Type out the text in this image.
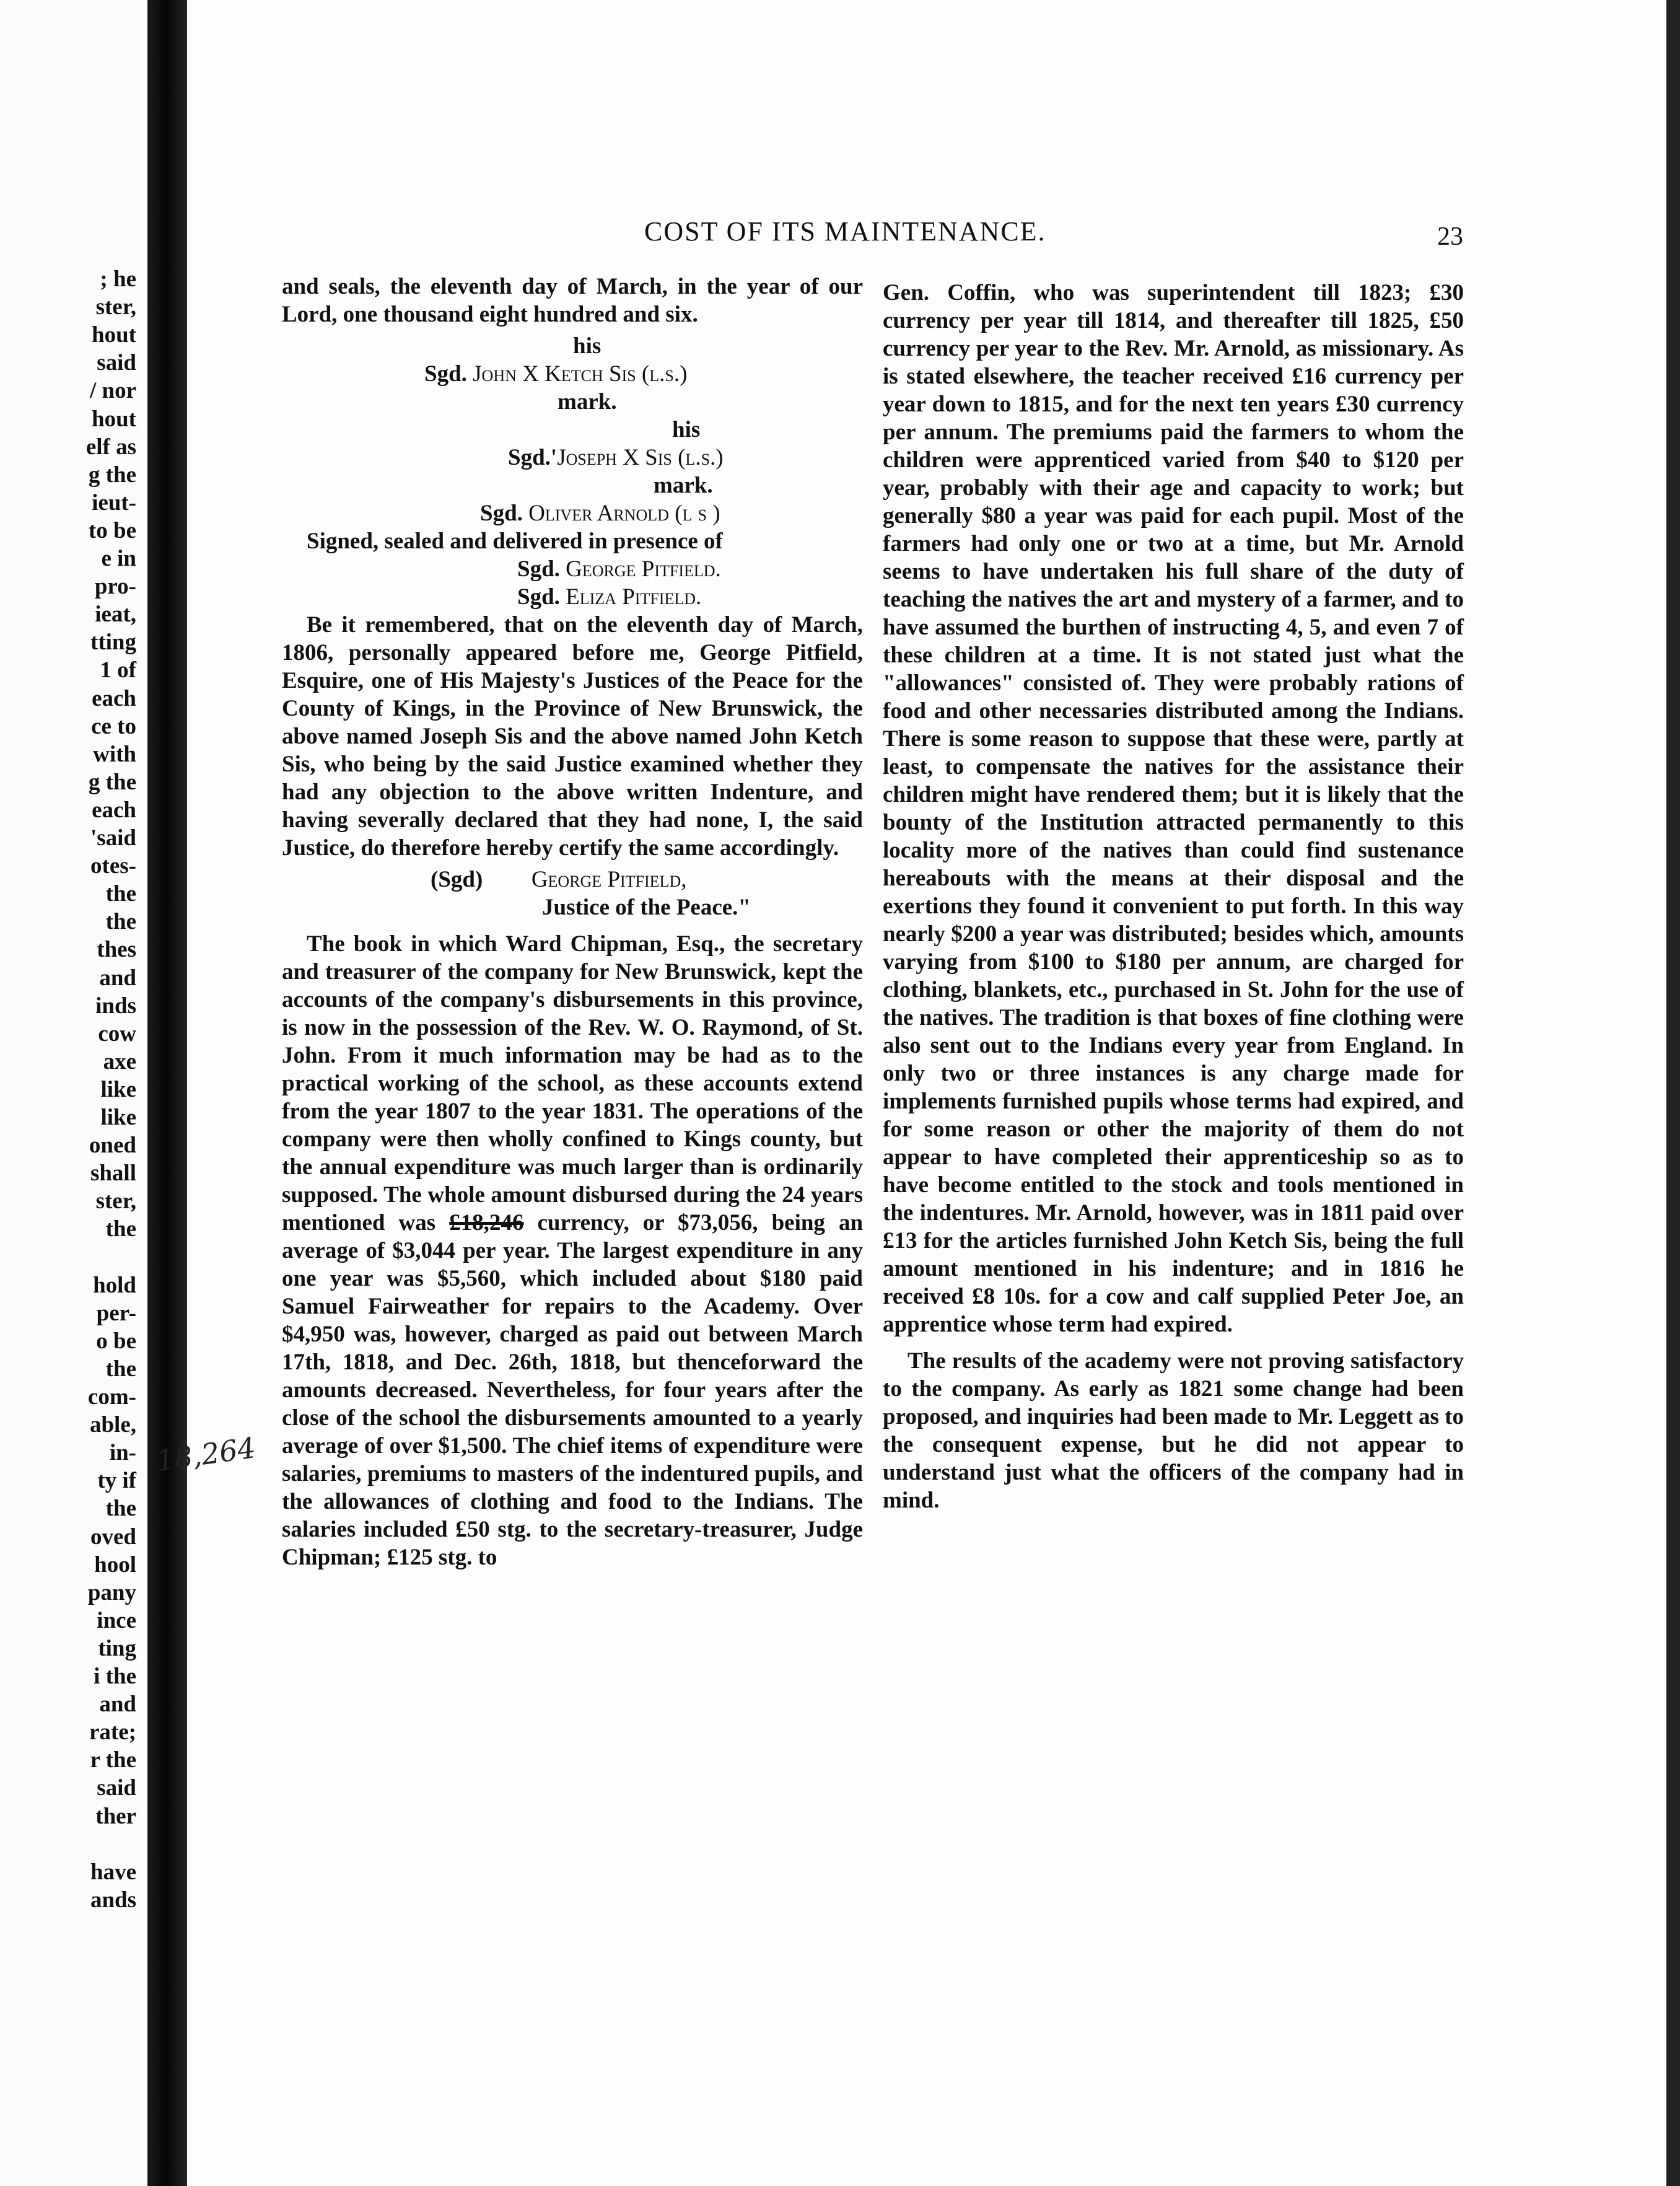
; he
ster,
hout
said
/ nor
hout
elf as
g the
ieut-
to be
e in
pro-
ieat,
tting
1 of
each
ce to
with
g the
each
'said
otes-
the
the
thes
and
inds
cow
axe
like
like
oned
shall
ster,
the
hold
per-
o be
the
com-
able,
in-
ty if
the
oved
hool
pany
ince
ting
i the
and
rate;
r the
said
ther
have
ands
COST OF ITS MAINTENANCE.	23
18,264

and seals, the eleventh day of March, in the year of our Lord, one thousand eight hundred and six.

his

Sgd. John X Ketch Sis (l.s.)

mark.

his

Sgd.'Joseph X Sis (l.s.)

mark.

Sgd. Oliver Arnold (l s )

Signed, sealed and delivered in presence of

Sgd. George Pitfield.

Sgd. Eliza Pitfield.

Be it remembered, that on the eleventh day of March, 1806, personally appeared before me, George Pitfield, Esquire, one of His Majesty's Justices of the Peace for the County of Kings, in the Province of New Brunswick, the above named Joseph Sis and the above named John Ketch Sis, who being by the said Justice examined whether they had any objection to the above written Indenture, and having severally declared that they had none, I, the said Justice, do therefore hereby certify the same accordingly.

(Sgd) George Pitfield,

Justice of the Peace."

The book in which Ward Chipman, Esq., the secretary and treasurer of the company for New Brunswick, kept the accounts of the company's disbursements in this province, is now in the possession of the Rev. W. O. Raymond, of St. John. From it much information may be had as to the practical working of the school, as these accounts extend from the year 1807 to the year 1831. The operations of the company were then wholly confined to Kings county, but the annual expenditure was much larger than is ordinarily supposed. The whole amount disbursed during the 24 years mentioned was £18,246 currency, or $73,056, being an average of $3,044 per year. The largest expenditure in any one year was $5,560, which included about $180 paid Samuel Fairweather for repairs to the Academy. Over $4,950 was, however, charged as paid out between March 17th, 1818, and Dec. 26th, 1818, but thenceforward the amounts decreased. Nevertheless, for four years after the close of the school the disbursements amounted to a yearly average of over $1,500. The chief items of expenditure were salaries, premiums to masters of the indentured pupils, and the allowances of clothing and food to the Indians. The salaries included £50 stg. to the secretary-treasurer, Judge Chipman; £125 stg. to

Gen. Coffin, who was superintendent till 1823; £30 currency per year till 1814, and thereafter till 1825, £50 currency per year to the Rev. Mr. Arnold, as missionary. As is stated elsewhere, the teacher received £16 currency per year down to 1815, and for the next ten years £30 currency per annum. The premiums paid the farmers to whom the children were apprenticed varied from $40 to $120 per year, probably with their age and capacity to work; but generally $80 a year was paid for each pupil. Most of the farmers had only one or two at a time, but Mr. Arnold seems to have undertaken his full share of the duty of teaching the natives the art and mystery of a farmer, and to have assumed the burthen of instructing 4, 5, and even 7 of these children at a time. It is not stated just what the "allowances" consisted of. They were probably rations of food and other necessaries distributed among the Indians. There is some reason to suppose that these were, partly at least, to compensate the natives for the assistance their children might have rendered them; but it is likely that the bounty of the Institution attracted permanently to this locality more of the natives than could find sustenance hereabouts with the means at their disposal and the exertions they found it convenient to put forth. In this way nearly $200 a year was distributed; besides which, amounts varying from $100 to $180 per annum, are charged for clothing, blankets, etc., purchased in St. John for the use of the natives. The tradition is that boxes of fine clothing were also sent out to the Indians every year from England. In only two or three instances is any charge made for implements furnished pupils whose terms had expired, and for some reason or other the majority of them do not appear to have completed their apprenticeship so as to have become entitled to the stock and tools mentioned in the indentures. Mr. Arnold, however, was in 1811 paid over £13 for the articles furnished John Ketch Sis, being the full amount mentioned in his indenture; and in 1816 he received £8 10s. for a cow and calf supplied Peter Joe, an apprentice whose term had expired.

The results of the academy were not proving satisfactory to the company. As early as 1821 some change had been proposed, and inquiries had been made to Mr. Leggett as to the consequent expense, but he did not appear to understand just what the officers of the company had in mind.
